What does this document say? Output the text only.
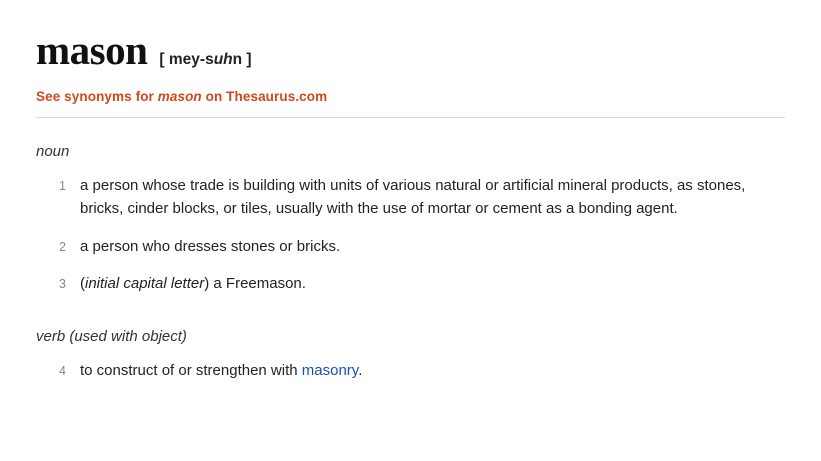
mason [ mey-suhn ]
See synonyms for mason on Thesaurus.com
noun
1 a person whose trade is building with units of various natural or artificial mineral products, as stones, bricks, cinder blocks, or tiles, usually with the use of mortar or cement as a bonding agent.
2 a person who dresses stones or bricks.
3 (initial capital letter) a Freemason.
verb (used with object)
4 to construct of or strengthen with masonry.
